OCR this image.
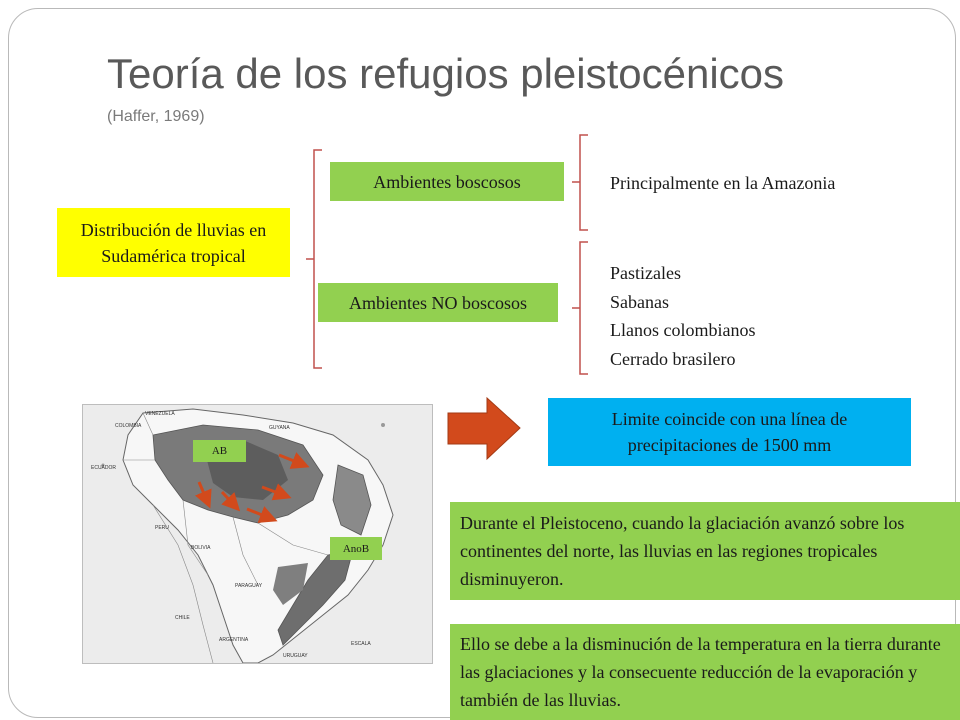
Teoría de los refugios pleistocénicos
(Haffer, 1969)
Distribución de lluvias en Sudamérica tropical
Ambientes boscosos
Ambientes NO boscosos
Principalmente en la Amazonia
Pastizales
Sabanas
Llanos colombianos
Cerrado brasilero
VENEZUELA
COLOMBIA
ECUADOR
PERU
BOLIVIA
CHILE
PARAGUAY
ARGENTINA
URUGUAY
GUYANA
ESCALA
AB
AnoB
Limite coincide con una línea de precipitaciones de 1500 mm
Durante el Pleistoceno, cuando la glaciación avanzó sobre los continentes del norte, las lluvias en las regiones tropicales disminuyeron.
Ello se debe a la disminución de la temperatura en la tierra durante las glaciaciones y la consecuente reducción de la evaporación y también de las lluvias.
